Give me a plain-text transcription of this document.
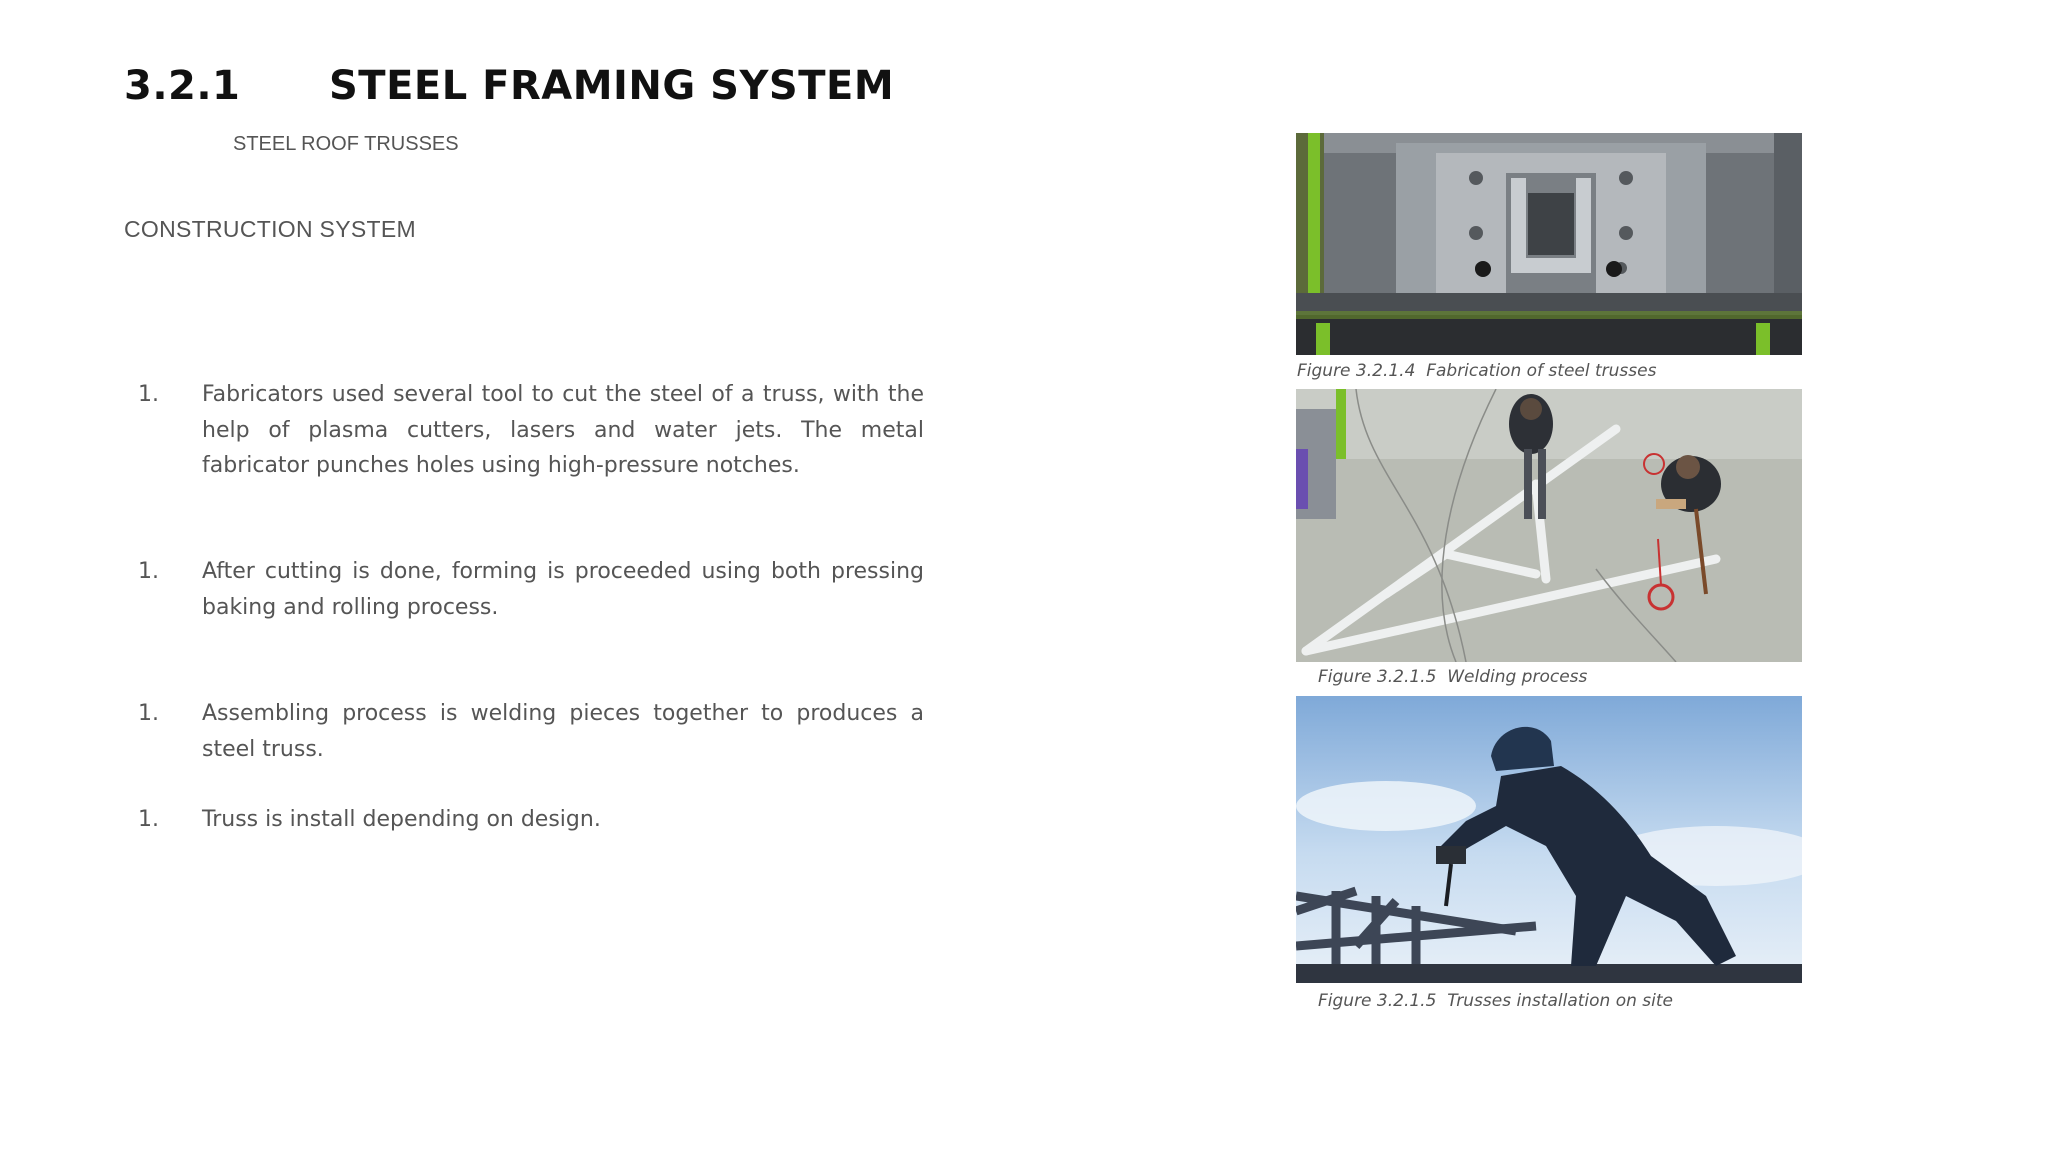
3.2.1 STEEL FRAMING SYSTEM
STEEL ROOF TRUSSES
CONSTRUCTION SYSTEM
1. Fabricators used several tool to cut the steel of a truss, with the help of plasma cutters, lasers and water jets. The metal fabricator punches holes using high-pressure notches.

1. After cutting is done, forming is proceeded using both pressing baking and rolling process.

1. Assembling process is welding pieces together to produces a steel truss.

1. Truss is install depending on design.

Figure 3.2.1.4  Fabrication of steel trusses
Figure 3.2.1.5  Welding process
Figure 3.2.1.5  Trusses installation on site
